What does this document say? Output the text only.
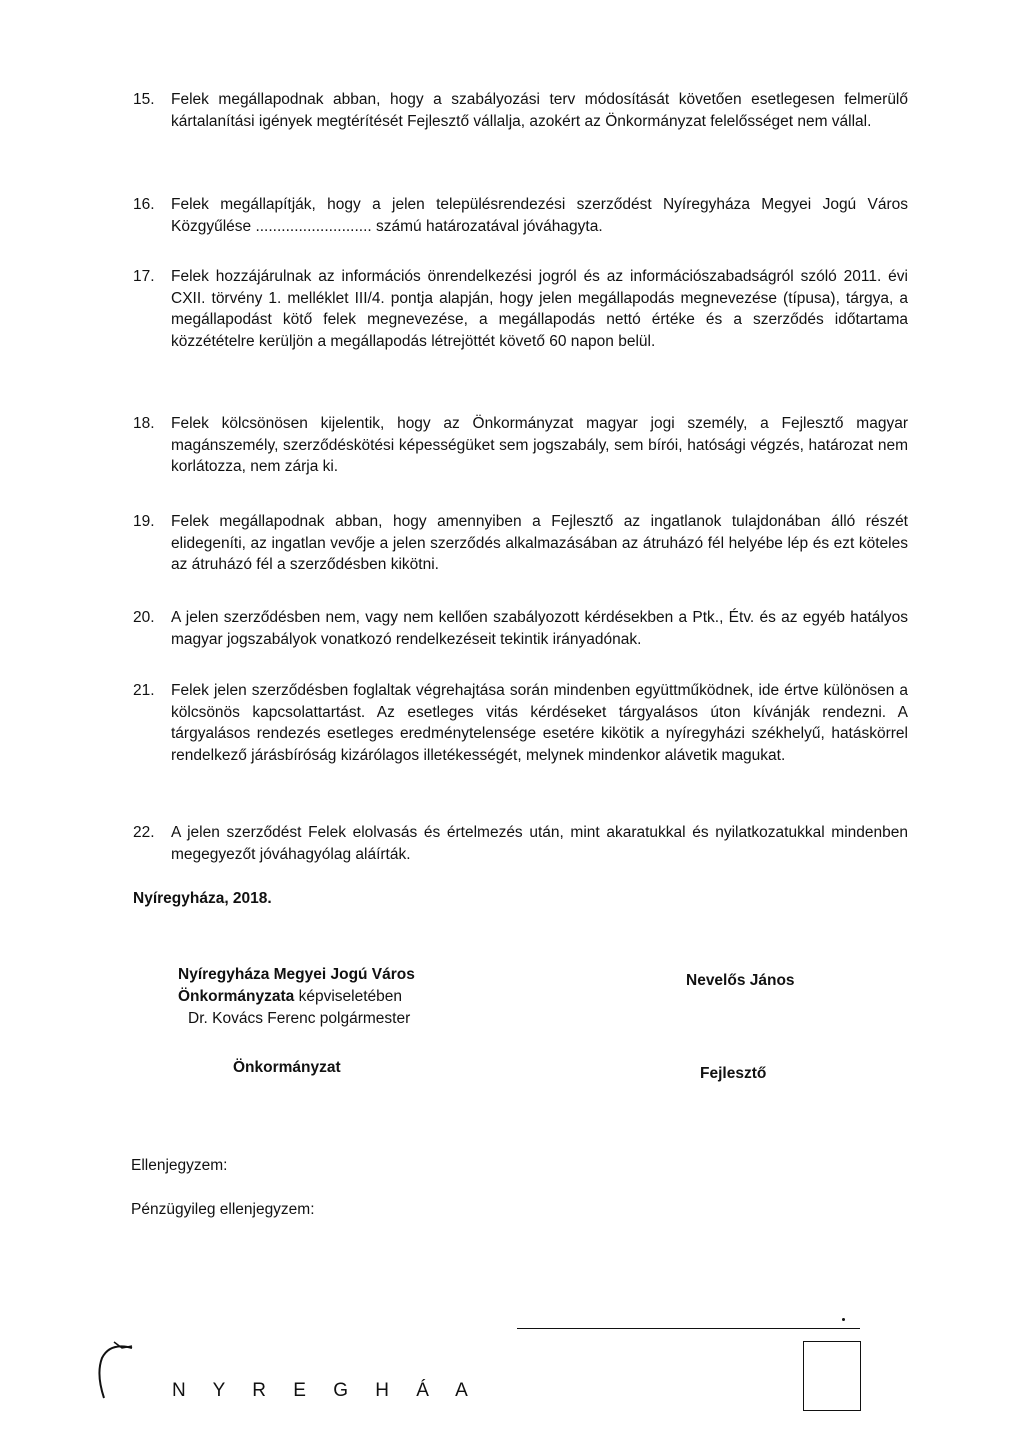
15. Felek megállapodnak abban, hogy a szabályozási terv módosítását követően esetlegesen felmerülő kártalanítási igények megtérítését Fejlesztő vállalja, azokért az Önkormányzat felelősséget nem vállal.
16. Felek megállapítják, hogy a jelen településrendezési szerződést Nyíregyháza Megyei Jogú Város Közgyűlése ........................... számú határozatával jóváhagyta.
17. Felek hozzájárulnak az információs önrendelkezési jogról és az információszabadságról szóló 2011. évi CXII. törvény 1. melléklet III/4. pontja alapján, hogy jelen megállapodás megnevezése (típusa), tárgya, a megállapodást kötő felek megnevezése, a megállapodás nettó értéke és a szerződés időtartama közzétételre kerüljön a megállapodás létrejöttét követő 60 napon belül.
18. Felek kölcsönösen kijelentik, hogy az Önkormányzat magyar jogi személy, a Fejlesztő magyar magánszemély, szerződéskötési képességüket sem jogszabály, sem bírói, hatósági végzés, határozat nem korlátozza, nem zárja ki.
19. Felek megállapodnak abban, hogy amennyiben a Fejlesztő az ingatlanok tulajdonában álló részét elidegeníti, az ingatlan vevője a jelen szerződés alkalmazásában az átruházó fél helyébe lép és ezt köteles az átruházó fél a szerződésben kikötni.
20. A jelen szerződésben nem, vagy nem kellően szabályozott kérdésekben a Ptk., Étv. és az egyéb hatályos magyar jogszabályok vonatkozó rendelkezéseit tekintik irányadónak.
21. Felek jelen szerződésben foglaltak végrehajtása során mindenben együttműködnek, ide értve különösen a kölcsönös kapcsolattartást. Az esetleges vitás kérdéseket tárgyalásos úton kívánják rendezni. A tárgyalásos rendezés esetleges eredménytelensége esetére kikötik a nyíregyházi székhelyű, hatáskörrel rendelkező járásbíróság kizárólagos illetékességét, melynek mindenkor alávetik magukat.
22. A jelen szerződést Felek elolvasás és értelmezés után, mint akaratukkal és nyilatkozatukkal mindenben megegyezőt jóváhagyólag aláírták.
Nyíregyháza, 2018.
Nyíregyháza Megyei Jogú Város
Önkormányzata képviseletében
Dr. Kovács Ferenc polgármester
Önkormányzat
Nevelős János
Fejlesztő
Ellenjegyzem:
Pénzügyileg ellenjegyzem:
N Y R E G H Á A
